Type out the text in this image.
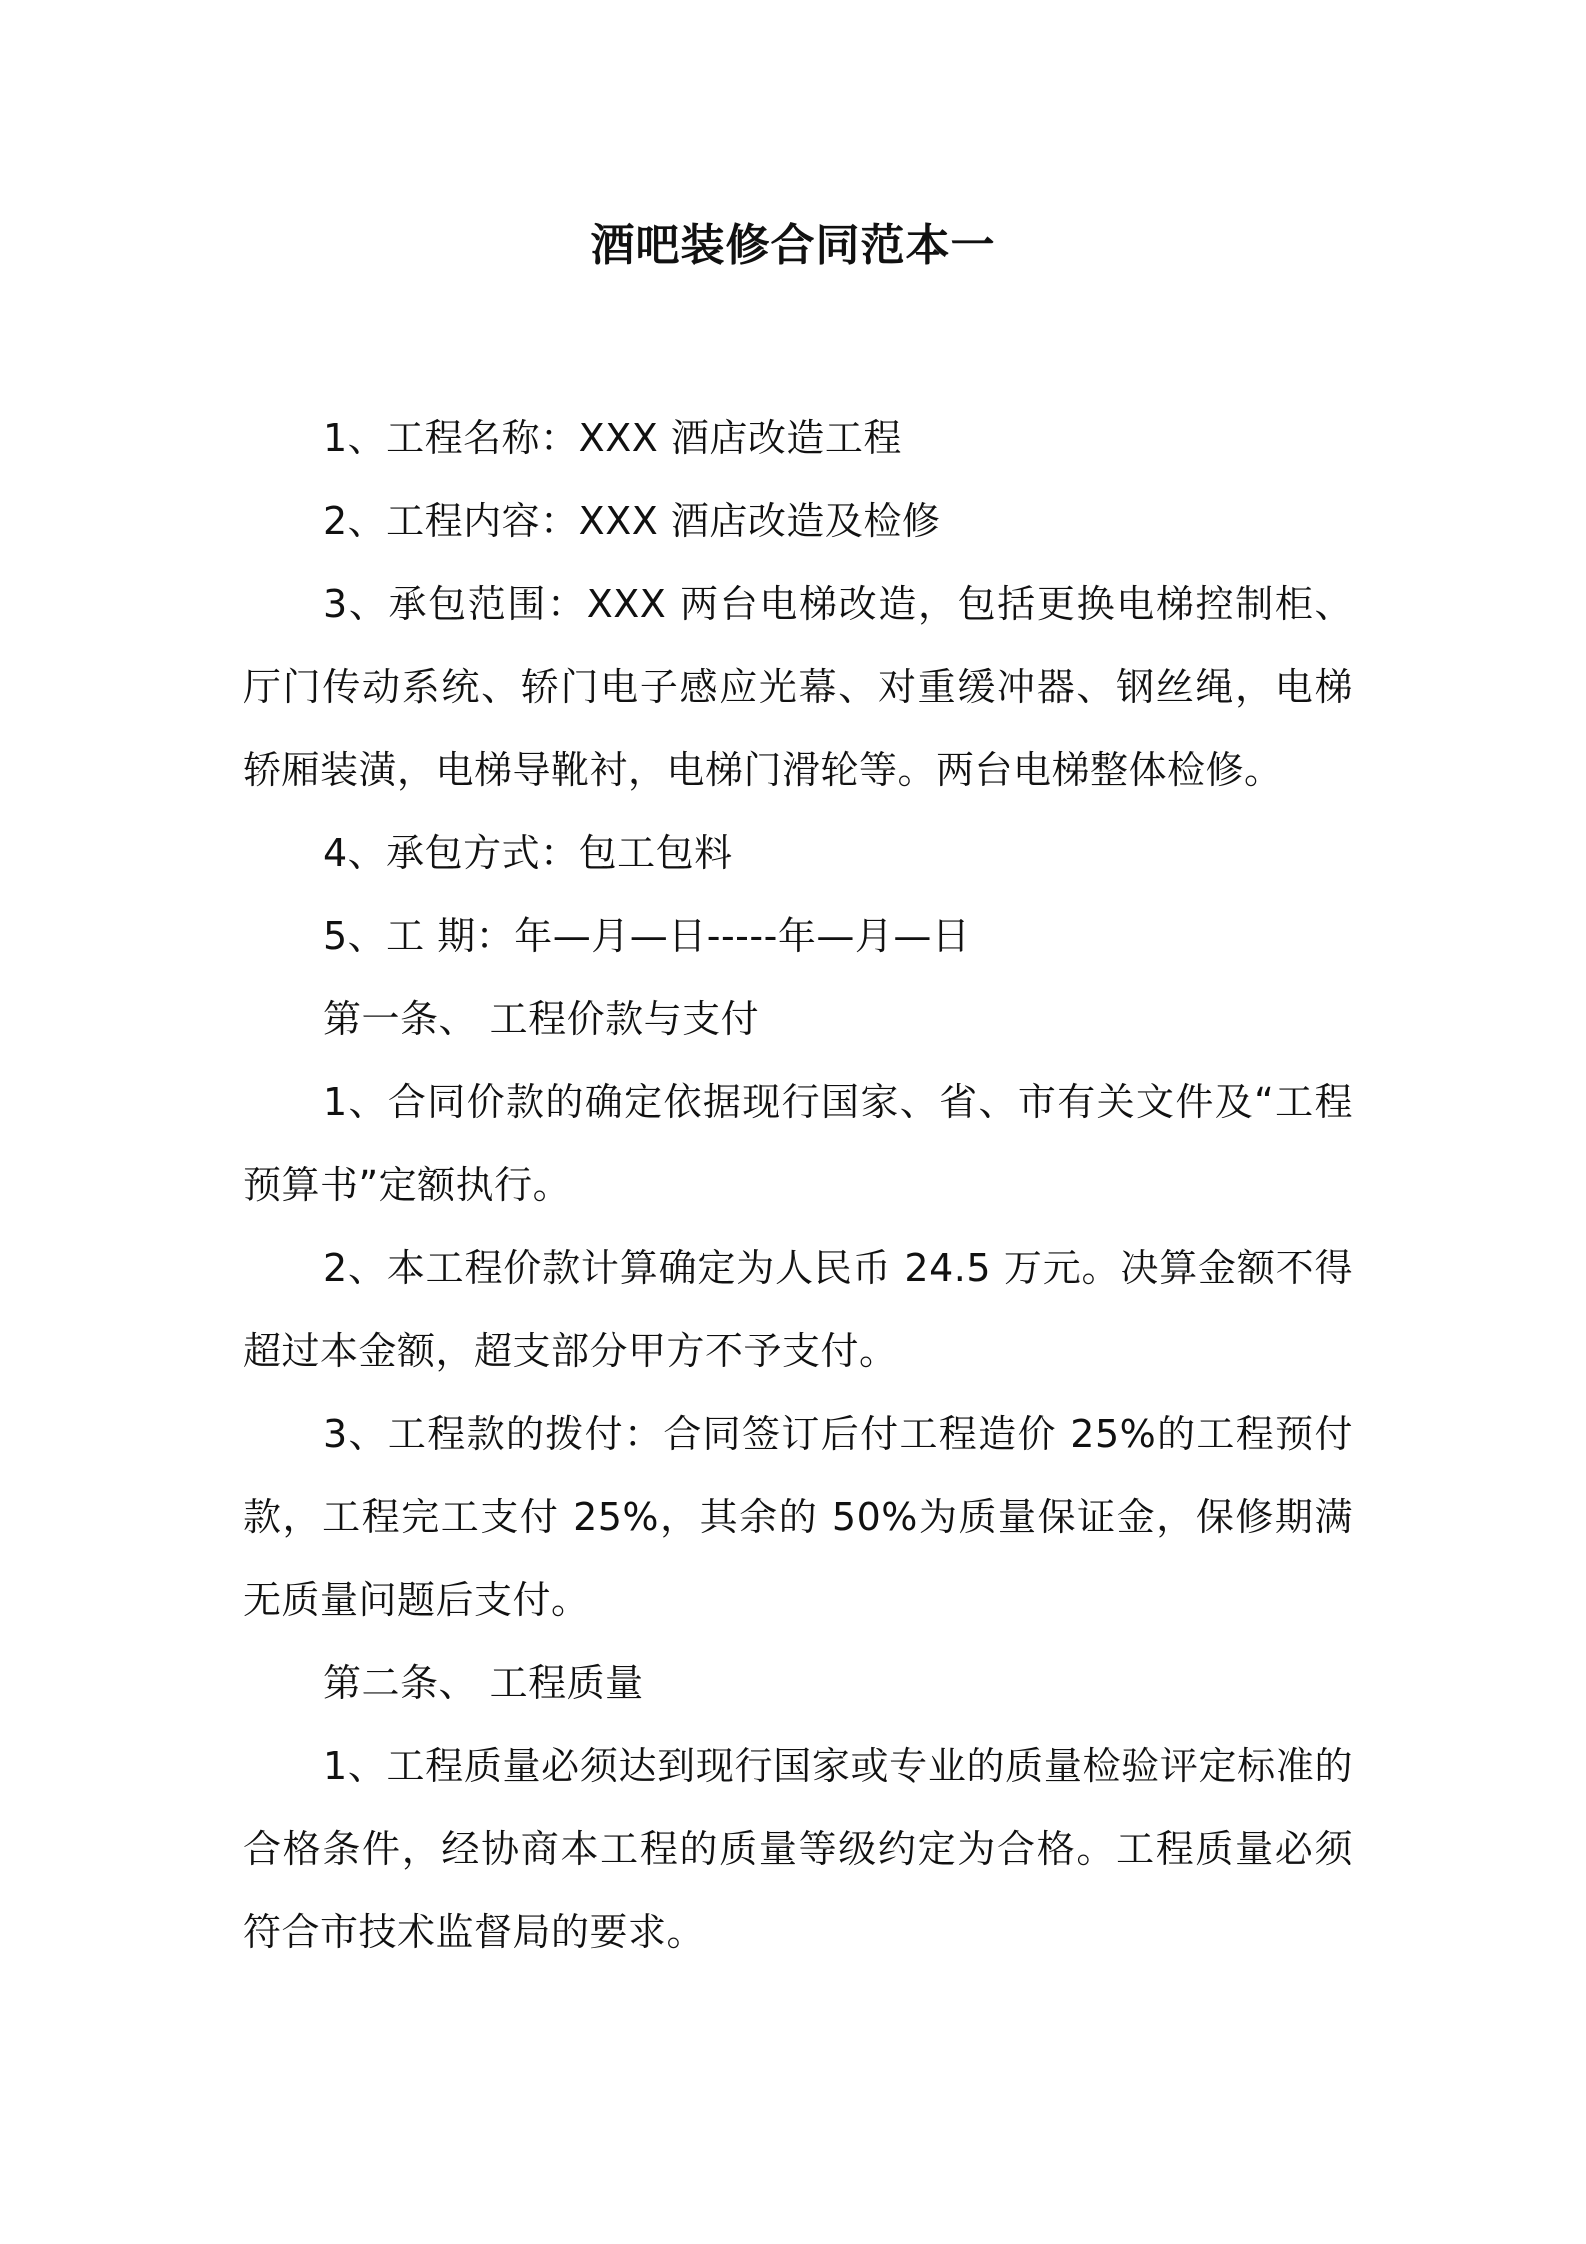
酒吧装修合同范本一

1、工程名称：XXX 酒店改造工程

2、工程内容：XXX 酒店改造及检修

3、承包范围：XXX 两台电梯改造，包括更换电梯控制柜、厅门传动系统、轿门电子感应光幕、对重缓冲器、钢丝绳，电梯轿厢装潢，电梯导靴衬，电梯门滑轮等。两台电梯整体检修。

4、承包方式：包工包料

5、工 期：年—月—日-----年—月—日

第一条、 工程价款与支付

1、合同价款的确定依据现行国家、省、市有关文件及“工程预算书”定额执行。

2、本工程价款计算确定为人民币 24.5 万元。决算金额不得超过本金额，超支部分甲方不予支付。

3、工程款的拨付：合同签订后付工程造价 25%的工程预付款，工程完工支付 25%，其余的 50%为质量保证金，保修期满无质量问题后支付。

第二条、 工程质量

1、工程质量必须达到现行国家或专业的质量检验评定标准的合格条件，经协商本工程的质量等级约定为合格。工程质量必须符合市技术监督局的要求。
